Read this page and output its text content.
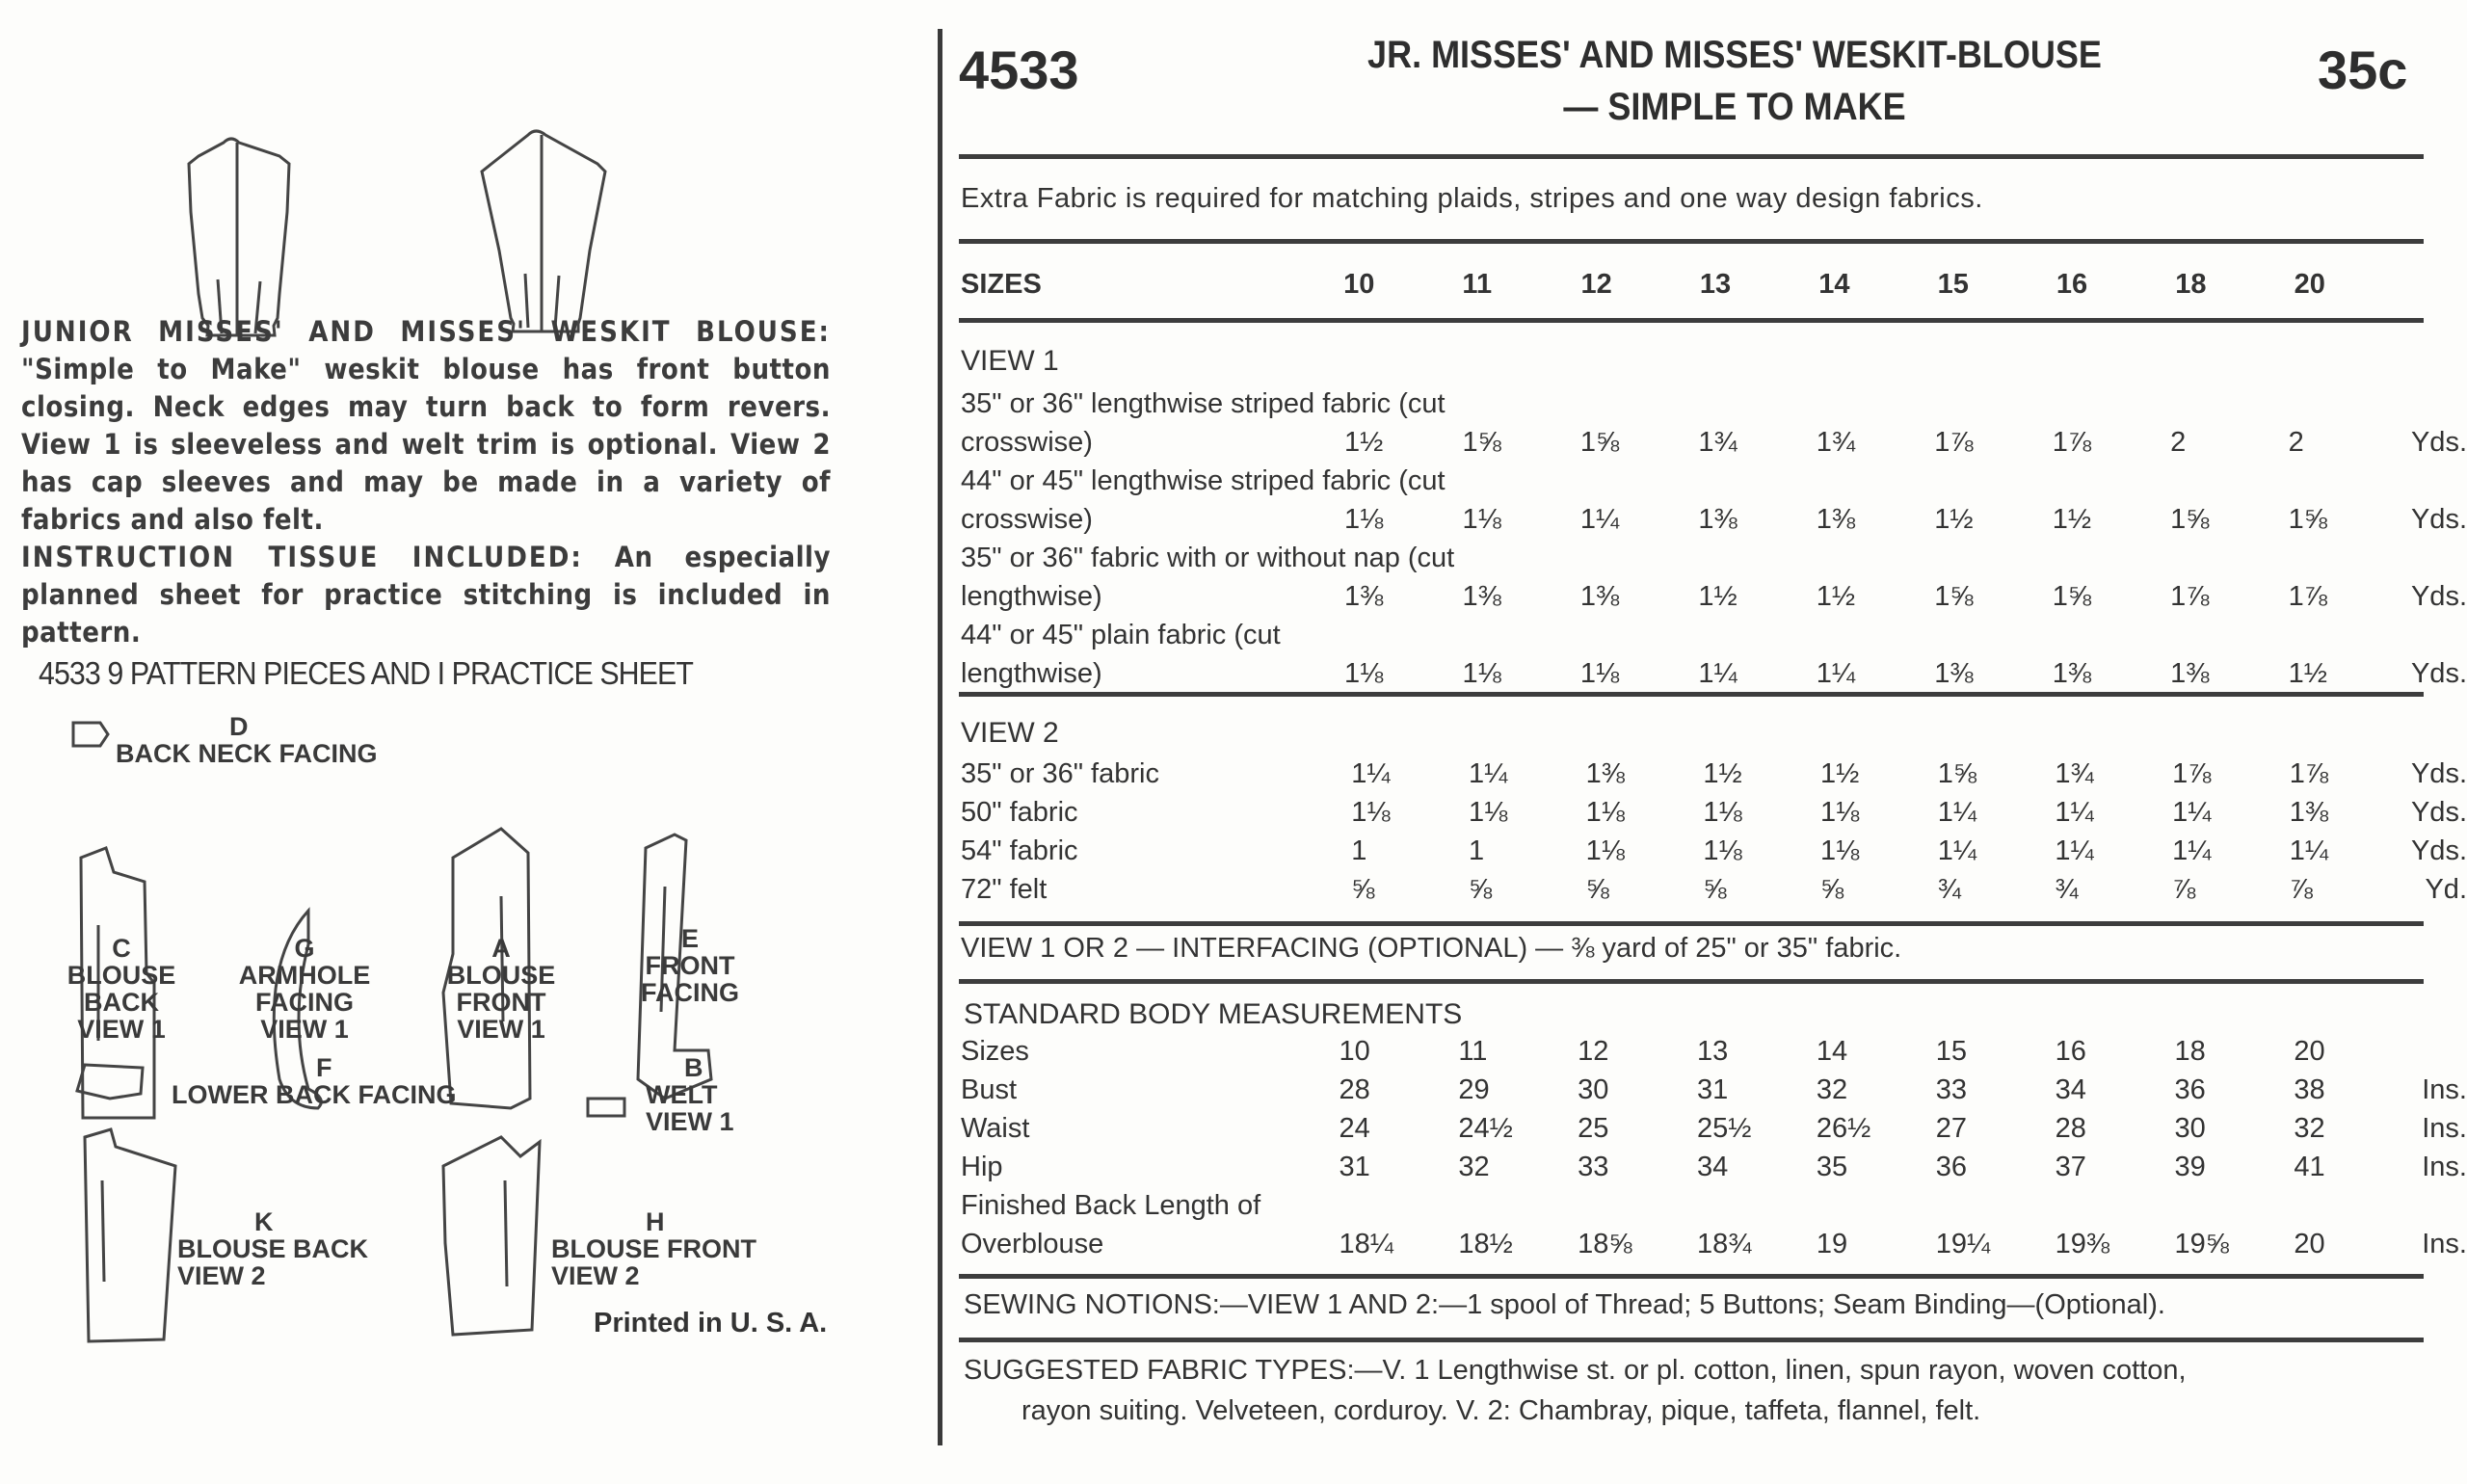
JUNIOR MISSES' AND MISSES' WESKIT BLOUSE: "Simple to Make" weskit blouse has front button closing. Neck edges may turn back to form revers. View 1 is sleeveless and welt trim is optional. View 2 has cap sleeves and may be made in a variety of fabrics and also felt.

INSTRUCTION TISSUE INCLUDED: An especially planned sheet for practice stitching is included in pattern.

4533 9 PATTERN PIECES AND I PRACTICE SHEET
D
BACK NECK FACING
C
BLOUSE BACK VIEW 1
G
ARMHOLE FACING VIEW 1
A
BLOUSE FRONT VIEW 1
E
FRONT FACING
F
LOWER BACK FACING
B
WELT VIEW 1
K
BLOUSE BACK VIEW 2
H
BLOUSE FRONT VIEW 2
Printed in U. S. A.
4533	JR. MISSES' AND MISSES' WESKIT-BLOUSE
— SIMPLE TO MAKE
35c
Extra Fabric is required for matching plaids, stripes and one way design fabrics.
SIZES	10	11	12	13	14	15	16	18	20	
VIEW 1
35" or 36" lengthwise striped fabric (cut										
crosswise)	1½	1⅝	1⅝	1¾	1¾	1⅞	1⅞	2	2	Yds.
44" or 45" lengthwise striped fabric (cut										
crosswise)	1⅛	1⅛	1¼	1⅜	1⅜	1½	1½	1⅝	1⅝	Yds.
35" or 36" fabric with or without nap (cut										
lengthwise)	1⅜	1⅜	1⅜	1½	1½	1⅝	1⅝	1⅞	1⅞	Yds.
44" or 45" plain fabric (cut										
lengthwise)	1⅛	1⅛	1⅛	1¼	1¼	1⅜	1⅜	1⅜	1½	Yds.
VIEW 2
35" or 36" fabric	1¼	1¼	1⅜	1½	1½	1⅝	1¾	1⅞	1⅞	Yds.
50" fabric	1⅛	1⅛	1⅛	1⅛	1⅛	1¼	1¼	1¼	1⅜	Yds.
54" fabric	1	1	1⅛	1⅛	1⅛	1¼	1¼	1¼	1¼	Yds.
72" felt	⅝	⅝	⅝	⅝	⅝	¾	¾	⅞	⅞	Yd.
VIEW 1 OR 2 — INTERFACING (OPTIONAL) — ⅜ yard of 25" or 35" fabric.
STANDARD BODY MEASUREMENTS
Sizes	10	11	12	13	14	15	16	18	20	
Bust	28	29	30	31	32	33	34	36	38	Ins.
Waist	24	24½	25	25½	26½	27	28	30	32	Ins.
Hip	31	32	33	34	35	36	37	39	41	Ins.
Finished Back Length of										
Overblouse	18¼	18½	18⅝	18¾	19	19¼	19⅜	19⅝	20	Ins.
SEWING NOTIONS:—VIEW 1 AND 2:—1 spool of Thread; 5 Buttons; Seam Binding—(Optional).
SUGGESTED FABRIC TYPES:—V. 1 Lengthwise st. or pl. cotton, linen, spun rayon, woven cotton,
rayon suiting. Velveteen, corduroy. V. 2: Chambray, pique, taffeta, flannel, felt.
